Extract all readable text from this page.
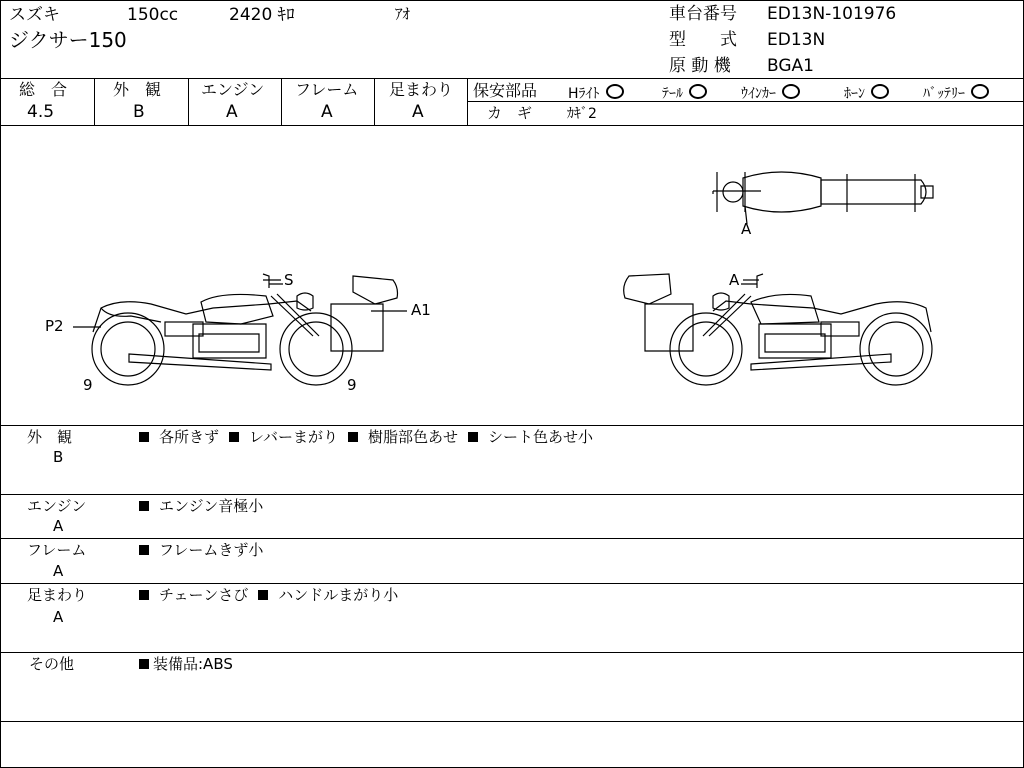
スズキ	150cc	2420 ｷﾛ	ｱｵ
ジクサー150
車台番号 ED13N-101976
型　　式 ED13N
原 動 機 BGA1
総　合
4.5
外　観
B
エンジン
A
フレーム
A
足まわり
A
保安部品 Hﾗｲﾄ	ﾃｰﾙ	ｳｲﾝｶｰ	ﾎｰﾝ	ﾊﾞｯﾃﾘｰ
カ　ギ ｶｷﾞ2
S
A1
P2
9	9
A
A
外　観
B
各所きず レバーまがり 樹脂部色あせ シート色あせ小
エンジン
A
エンジン音極小
フレーム
A
フレームきず小
足まわり
A
チェーンさび ハンドルまがり小
その他	装備品:ABS
